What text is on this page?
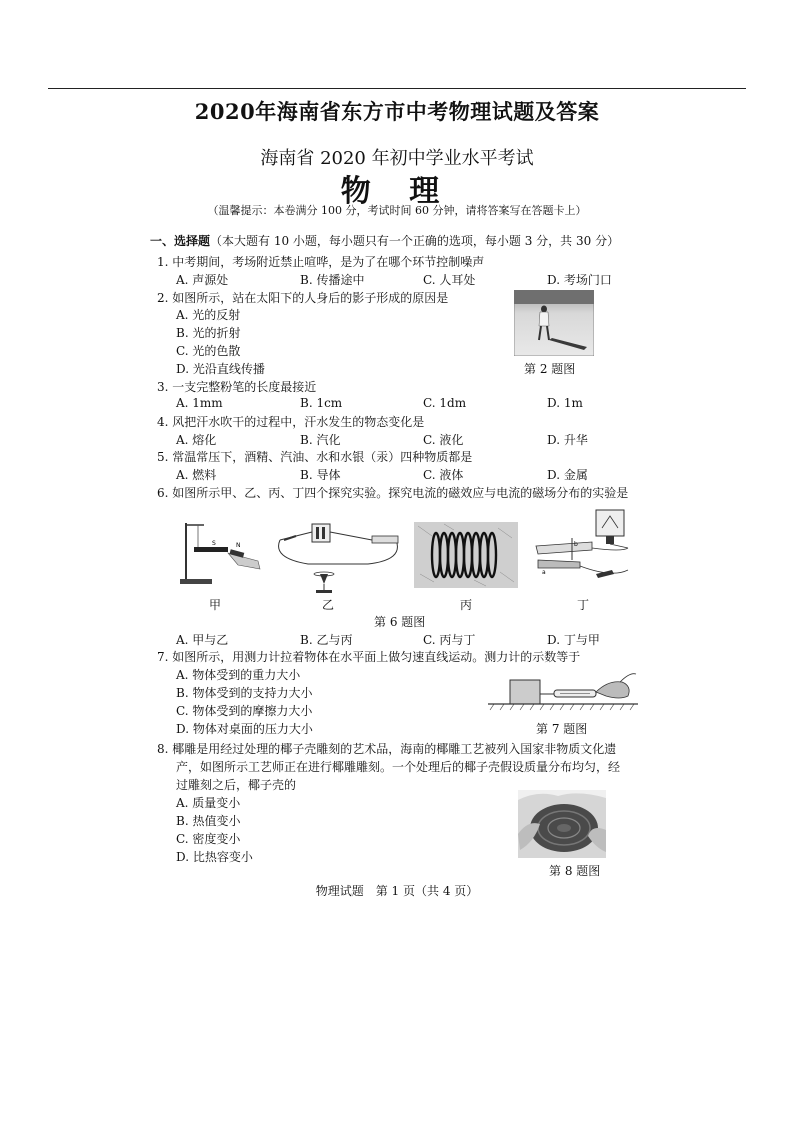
2020年海南省东方市中考物理试题及答案
海南省 2020 年初中学业水平考试
物 理
（温馨提示：本卷满分 100 分，考试时间 60 分钟，请将答案写在答题卡上）
一、选择题（本大题有 10 小题，每小题只有一个正确的选项，每小题 3 分，共 30 分）
1. 中考期间，考场附近禁止喧哗，是为了在哪个环节控制噪声
A. 声源处	B. 传播途中	C. 人耳处	D. 考场门口
2. 如图所示，站在太阳下的人身后的影子形成的原因是
A. 光的反射
B. 光的折射
C. 光的色散
D. 光沿直线传播	第 2 题图
3. 一支完整粉笔的长度最接近
A. 1mm	B. 1cm	C. 1dm	D. 1m
4. 风把汗水吹干的过程中，汗水发生的物态变化是
A. 熔化	B. 汽化	C. 液化	D. 升华
5. 常温常压下，酒精、汽油、水和水银（汞）四种物质都是
A. 燃料	B. 导体	C. 液体	D. 金属
6. 如图所示甲、乙、丙、丁四个探究实验。探究电流的磁效应与电流的磁场分布的实验是
S	N
甲	乙	丙
b
a
丁
第 6 题图
A. 甲与乙	B. 乙与丙	C. 丙与丁	D. 丁与甲
7. 如图所示，用测力计拉着物体在水平面上做匀速直线运动。测力计的示数等于
A. 物体受到的重力大小
B. 物体受到的支持力大小
C. 物体受到的摩擦力大小
D. 物体对桌面的压力大小	第 7 题图
8. 椰雕是用经过处理的椰子壳雕刻的艺术品，海南的椰雕工艺被列入国家非物质文化遗
产，如图所示工艺师正在进行椰雕雕刻。一个处理后的椰子壳假设质量分布均匀，经
过雕刻之后，椰子壳的
A. 质量变小
B. 热值变小
C. 密度变小
D. 比热容变小
第 8 题图
物理试题　第 1 页（共 4 页）
